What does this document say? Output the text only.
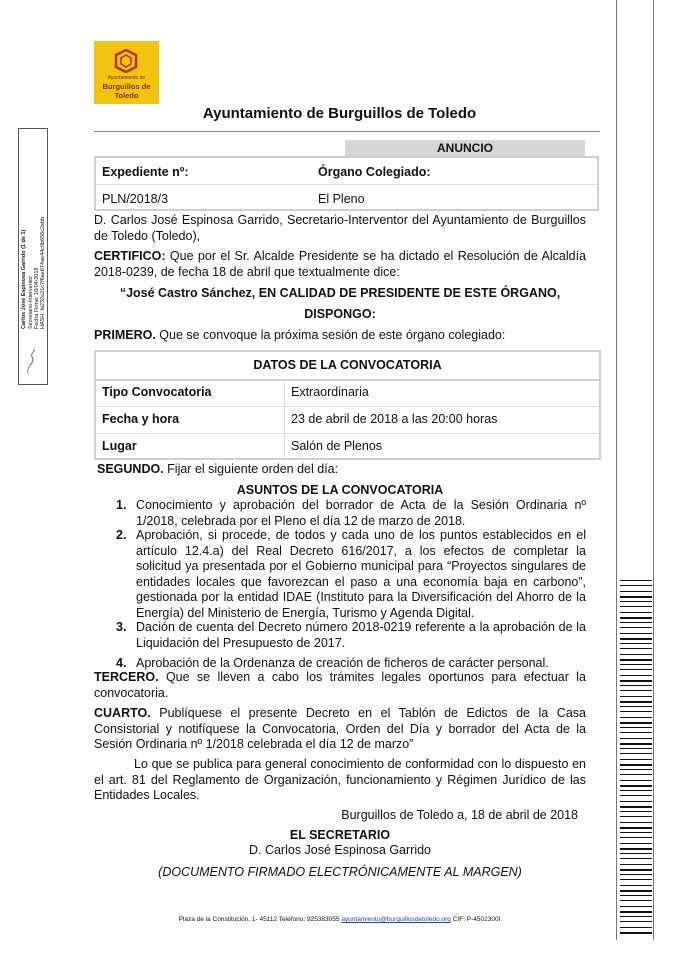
Carlos José Espinosa Garrido (1 de 1) Secretario-Interventor Fecha Firma: 18/04/2018 HASH: fa232e21c7f6ae674ae44c0b656c2ebb
Ayuntamiento de
Burguillos de Toledo
Ayuntamiento de Burguillos de Toledo
ANUNCIO
Expediente nº:	Órgano Colegiado:
PLN/2018/3	El Pleno

D. Carlos José Espinosa Garrido, Secretario-Interventor del Ayuntamiento de Burguillos de Toledo (Toledo),

CERTIFICO: Que por el Sr. Alcalde Presidente se ha dictado el Resolución de Alcaldía 2018-0239, de fecha 18 de abril que textualmente dice:

“José Castro Sánchez, EN CALIDAD DE PRESIDENTE DE ESTE ÓRGANO,

DISPONGO:

PRIMERO. Que se convoque la próxima sesión de este órgano colegiado:

DATOS DE LA CONVOCATORIA
Tipo Convocatoria	Extraordinaria
Fecha y hora	23 de abril de 2018 a las 20:00 horas
Lugar	Salón de Plenos

SEGUNDO. Fijar el siguiente orden del día:

ASUNTOS DE LA CONVOCATORIA

1. Conocimiento y aprobación del borrador de Acta de la Sesión Ordinaria nº 1/2018, celebrada por el Pleno el día 12 de marzo de 2018.

2. Aprobación, si procede, de todos y cada uno de los puntos establecidos en el artículo 12.4.a) del Real Decreto 616/2017, a los efectos de completar la solicitud ya presentada por el Gobierno municipal para “Proyectos singulares de entidades locales que favorezcan el paso a una economía baja en carbono”, gestionada por la entidad IDAE (Instituto para la Diversificación del Ahorro de la Energía) del Ministerio de Energía, Turismo y Agenda Digital.

3. Dación de cuenta del Decreto número 2018-0219 referente a la aprobación de la Liquidación del Presupuesto de 2017.

4. Aprobación de la Ordenanza de creación de ficheros de carácter personal.

TERCERO. Que se lleven a cabo los trámites legales oportunos para efectuar la convocatoria.

CUARTO. Publíquese el presente Decreto en el Tablón de Edictos de la Casa Consistorial y notifíquese la Convocatoria, Orden del Día y borrador del Acta de la Sesión Ordinaria nº 1/2018 celebrada el día 12 de marzo”

Lo que se publica para general conocimiento de conformidad con lo dispuesto en el art. 81 del Reglamento de Organización, funcionamiento y Régimen Jurídico de las Entidades Locales.

Burguillos de Toledo a, 18 de abril de 2018

EL SECRETARIO

D. Carlos José Espinosa Garrido

(DOCUMENTO FIRMADO ELECTRÓNICAMENTE AL MARGEN)

Plaza de la Constitución, 1- 45112 Teléfono: 925383055 ayuntamiento@burguillosdetoledo.org CIF: P-4502300I
